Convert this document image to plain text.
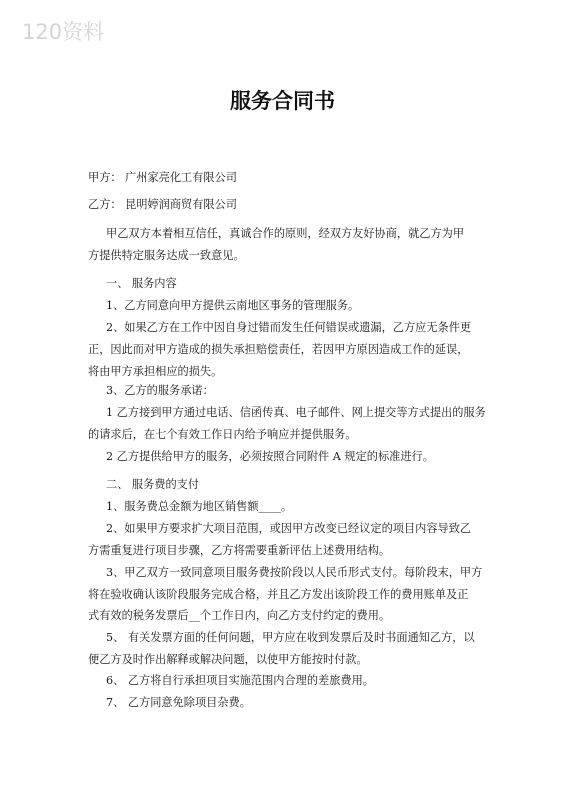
120资料
服务合同书
甲方： 广州家亮化工有限公司
乙方： 昆明婷润商贸有限公司
甲乙双方本着相互信任，真诚合作的原则，经双方友好协商，就乙方为甲
方提供特定服务达成一致意见。
一、 服务内容
1、乙方同意向甲方提供云南地区事务的管理服务。
2、如果乙方在工作中因自身过错而发生任何错误或遗漏，乙方应无条件更
正，因此而对甲方造成的损失承担赔偿责任，若因甲方原因造成工作的延误，
将由甲方承担相应的损失。
3、乙方的服务承诺：
1 乙方接到甲方通过电话、信函传真、电子邮件、网上提交等方式提出的服务
的请求后，在七个有效工作日内给予响应并提供服务。
2 乙方提供给甲方的服务，必须按照合同附件 A 规定的标准进行。
二、 服务费的支付
1、服务费总金额为地区销售额____。
2、如果甲方要求扩大项目范围，或因甲方改变已经议定的项目内容导致乙
方需重复进行项目步骤，乙方将需要重新评估上述费用结构。
3、甲乙双方一致同意项目服务费按阶段以人民币形式支付。每阶段末，甲方
将在验收确认该阶段服务完成合格，并且乙方发出该阶段工作的费用账单及正
式有效的税务发票后__个工作日内，向乙方支付约定的费用。
5、 有关发票方面的任何问题，甲方应在收到发票后及时书面通知乙方，以
便乙方及时作出解释或解决问题，以使甲方能按时付款。
6、 乙方将自行承担项目实施范围内合理的差旅费用。
7、 乙方同意免除项目杂费。
